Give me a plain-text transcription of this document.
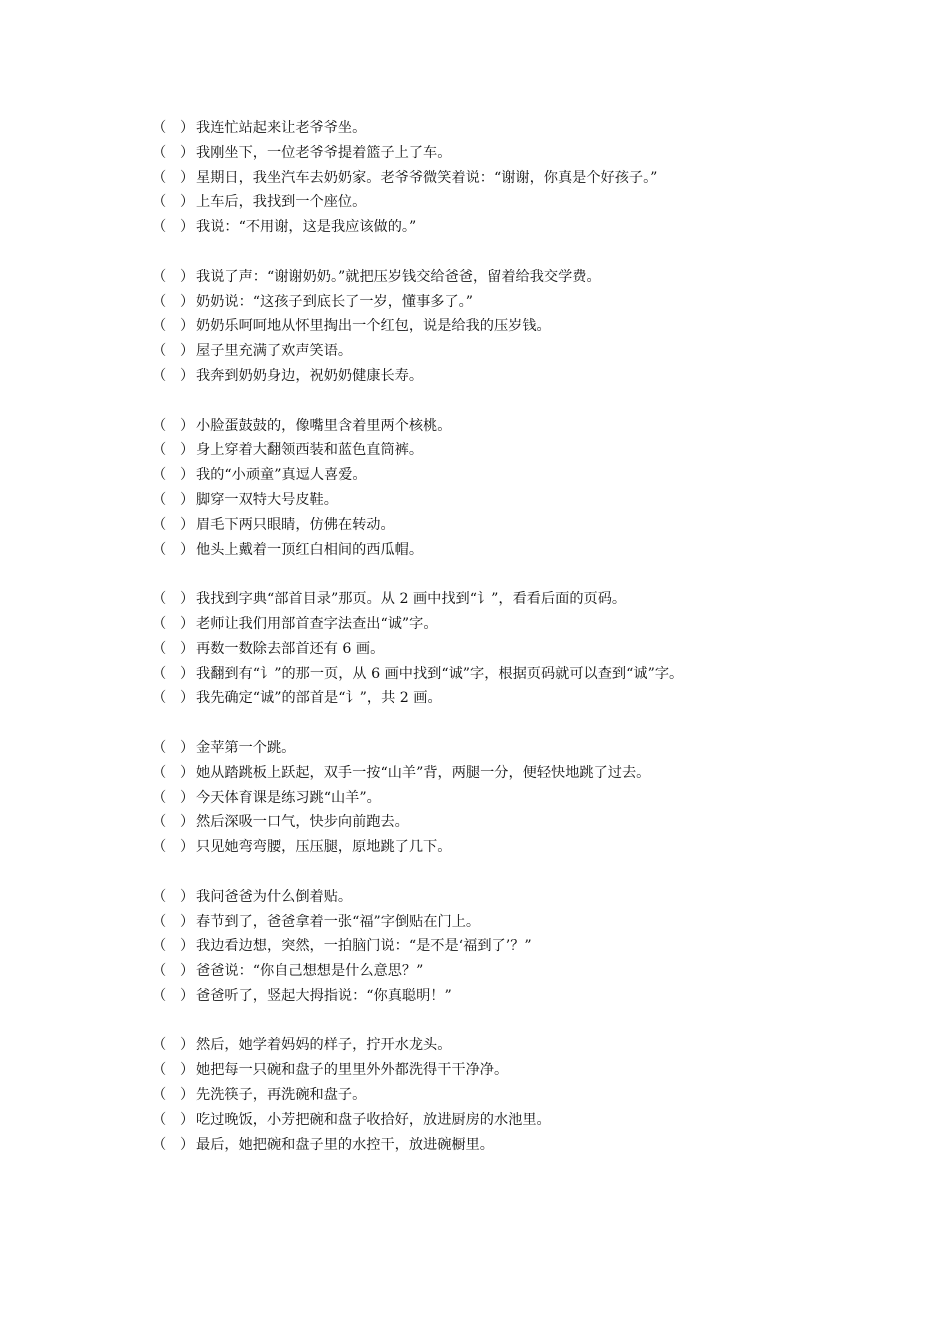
（ ） 我连忙站起来让老爷爷坐。
（ ） 我刚坐下，一位老爷爷提着篮子上了车。
（ ） 星期日，我坐汽车去奶奶家。老爷爷微笑着说：“谢谢，你真是个好孩子。”
（ ） 上车后，我找到一个座位。
（ ） 我说：“不用谢，这是我应该做的。”
（ ） 我说了声：“谢谢奶奶。”就把压岁钱交给爸爸，留着给我交学费。
（ ） 奶奶说：“这孩子到底长了一岁，懂事多了。”
（ ） 奶奶乐呵呵地从怀里掏出一个红包，说是给我的压岁钱。
（ ） 屋子里充满了欢声笑语。
（ ） 我奔到奶奶身边，祝奶奶健康长寿。
（ ） 小脸蛋鼓鼓的，像嘴里含着里两个核桃。
（ ） 身上穿着大翻领西装和蓝色直筒裤。
（ ） 我的“小顽童”真逗人喜爱。
（ ） 脚穿一双特大号皮鞋。
（ ） 眉毛下两只眼睛，仿佛在转动。
（ ） 他头上戴着一顶红白相间的西瓜帽。
（ ） 我找到字典“部首目录”那页。从 2 画中找到“讠”，看看后面的页码。
（ ） 老师让我们用部首查字法查出“诚”字。
（ ） 再数一数除去部首还有 6 画。
（ ） 我翻到有“讠”的那一页，从 6 画中找到“诚”字，根据页码就可以查到“诚”字。
（ ） 我先确定“诚”的部首是“讠”，共 2 画。
（ ） 金苹第一个跳。
（ ） 她从踏跳板上跃起，双手一按“山羊”背，两腿一分，便轻快地跳了过去。
（ ） 今天体育课是练习跳“山羊”。
（ ） 然后深吸一口气，快步向前跑去。
（ ） 只见她弯弯腰，压压腿，原地跳了几下。
（ ） 我问爸爸为什么倒着贴。
（ ） 春节到了，爸爸拿着一张“福”字倒贴在门上。
（ ） 我边看边想，突然，一拍脑门说：“是不是‘福到了’？”
（ ） 爸爸说：“你自己想想是什么意思？”
（ ） 爸爸听了，竖起大拇指说：“你真聪明！”
（ ） 然后，她学着妈妈的样子，拧开水龙头。
（ ） 她把每一只碗和盘子的里里外外都洗得干干净净。
（ ） 先洗筷子，再洗碗和盘子。
（ ） 吃过晚饭，小芳把碗和盘子收拾好，放进厨房的水池里。
（ ） 最后，她把碗和盘子里的水控干，放进碗橱里。
